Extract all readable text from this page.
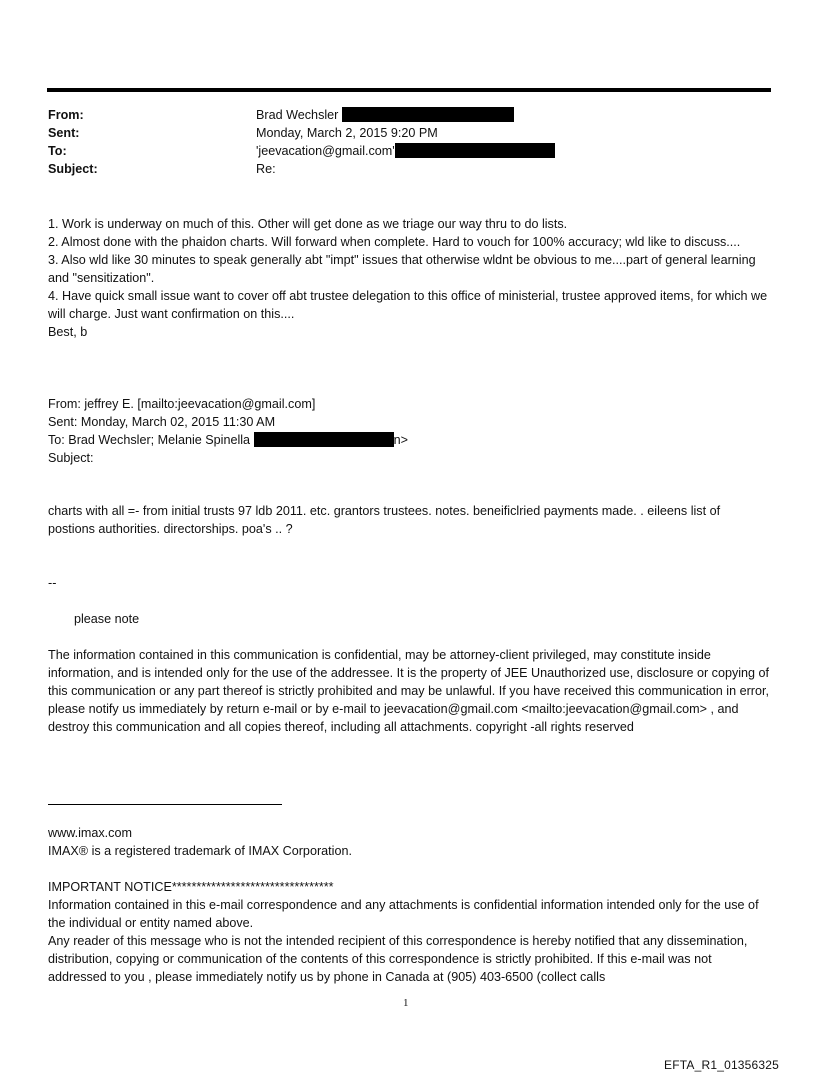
From:	Brad Wechsler
Sent:	Monday, March 2, 2015 9:20 PM
To:	'jeevacation@gmail.com'
Subject:	Re:

1. Work is underway on much of this. Other will get done as we triage our way thru to do lists.

2. Almost done with the phaidon charts. Will forward when complete. Hard to vouch for 100% accuracy; wld like to discuss....

3. Also wld like 30 minutes to speak generally abt "impt" issues that otherwise wldnt be obvious to me....part of general learning and "sensitization".

4. Have quick small issue want to cover off abt trustee delegation to this office of ministerial, trustee approved items, for which we will charge. Just want confirmation on this....

Best, b

From: jeffrey E. [mailto:jeevacation@gmail.com]
Sent: Monday, March 02, 2015 11:30 AM
To: Brad Wechsler; Melanie Spinella	n>
Subject:

charts with all =- from initial trusts 97 ldb 2011. etc. grantors trustees. notes. beneificlried payments made. . eileens list of postions authorities. directorships. poa's .. ?

--
please note

The information contained in this communication is confidential, may be attorney-client privileged, may constitute inside information, and is intended only for the use of the addressee. It is the property of JEE Unauthorized use, disclosure or copying of this communication or any part thereof is strictly prohibited and may be unlawful. If you have received this communication in error, please notify us immediately by return e-mail or by e-mail to jeevacation@gmail.com <mailto:jeevacation@gmail.com> , and destroy this communication and all copies thereof, including all attachments. copyright -all rights reserved

www.imax.com

IMAX® is a registered trademark of IMAX Corporation.

IMPORTANT NOTICE*********************************

Information contained in this e-mail correspondence and any attachments is confidential information intended only for the use of the individual or entity named above.

Any reader of this message who is not the intended recipient of this correspondence is hereby notified that any dissemination, distribution, copying or communication of the contents of this correspondence is strictly prohibited. If this e-mail was not addressed to you , please immediately notify us by phone in Canada at (905) 403-6500 (collect calls

1
EFTA_R1_01356325
